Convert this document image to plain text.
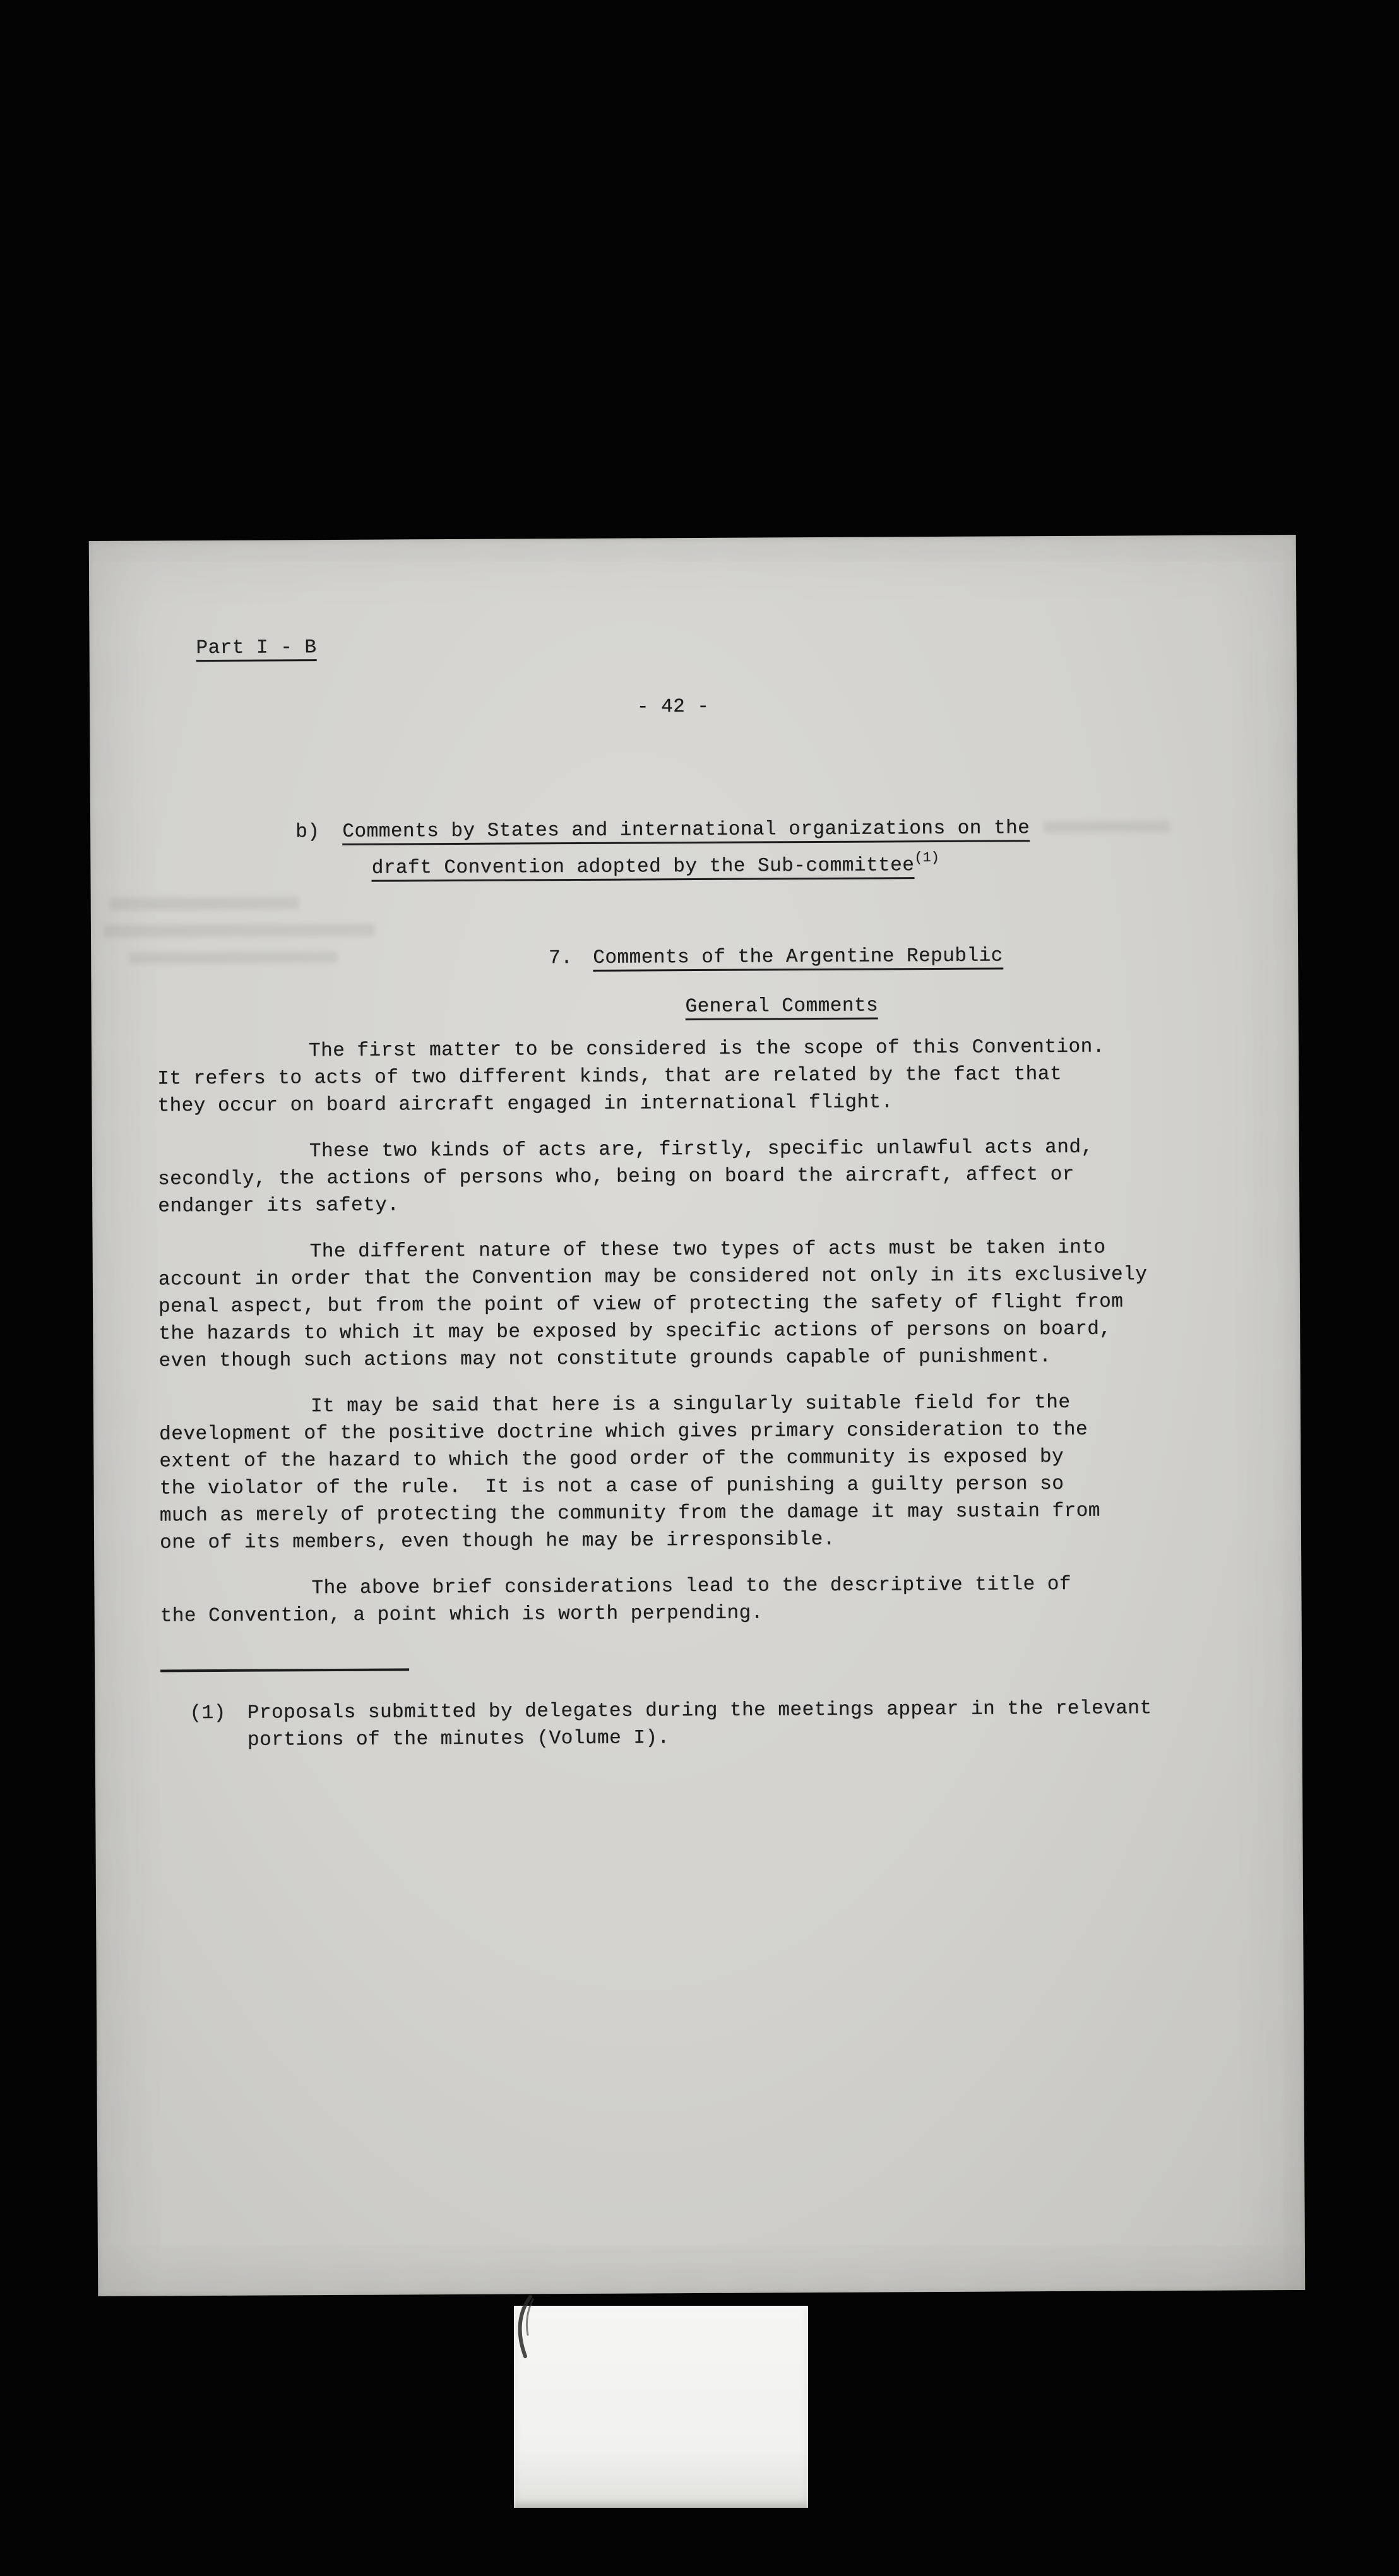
Part I - B

- 42 -
b) Comments by States and international organizations on the
draft Convention adopted by the Sub-committee$^{(1)}$

7. Comments of the Argentine Republic

General Comments

The first matter to be considered is the scope of this Convention.
It refers to acts of two different kinds, that are related by the fact that
they occur on board aircraft engaged in international flight.
These two kinds of acts are, firstly, specific unlawful acts and,
secondly, the actions of persons who, being on board the aircraft, affect or
endanger its safety.
The different nature of these two types of acts must be taken into
account in order that the Convention may be considered not only in its exclusively
penal aspect, but from the point of view of protecting the safety of flight from
the hazards to which it may be exposed by specific actions of persons on board,
even though such actions may not constitute grounds capable of punishment.
It may be said that here is a singularly suitable field for the
development of the positive doctrine which gives primary consideration to the
extent of the hazard to which the good order of the community is exposed by
the violator of the rule.  It is not a case of punishing a guilty person so
much as merely of protecting the community from the damage it may sustain from
one of its members, even though he may be irresponsible.
The above brief considerations lead to the descriptive title of
the Convention, a point which is worth perpending.
(1) Proposals submitted by delegates during the meetings appear in the relevant
portions of the minutes (Volume I).
